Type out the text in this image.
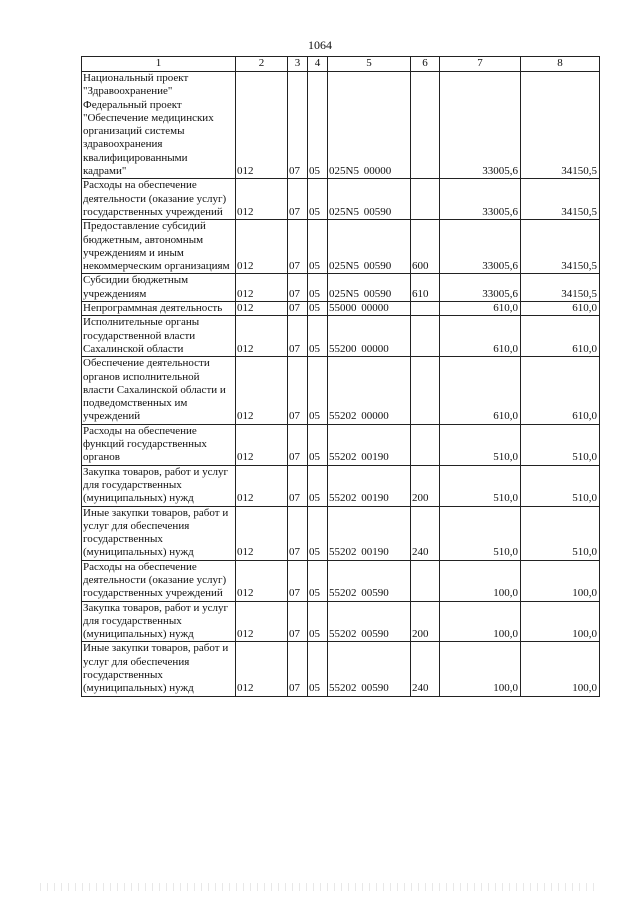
1064
1	2	3	4	5	6	7	8
Национальный проект "Здравоохранение" Федеральный проект "Обеспечение медицинских организаций системы здравоохранения квалифицированными кадрами"	012	07	05	025N5 00000		33005,6	34150,5
Расходы на обеспечение деятельности (оказание услуг) государственных учреждений	012	07	05	025N5 00590		33005,6	34150,5
Предоставление субсидий бюджетным, автономным учреждениям и иным некоммерческим организациям	012	07	05	025N5 00590	600	33005,6	34150,5
Субсидии бюджетным учреждениям	012	07	05	025N5 00590	610	33005,6	34150,5
Непрограммная деятельность	012	07	05	55000 00000		610,0	610,0
Исполнительные органы государственной власти Сахалинской области	012	07	05	55200 00000		610,0	610,0
Обеспечение деятельности органов исполнительной власти Сахалинской области и подведомственных им учреждений	012	07	05	55202 00000		610,0	610,0
Расходы на обеспечение функций государственных органов	012	07	05	55202 00190		510,0	510,0
Закупка товаров, работ и услуг для государственных (муниципальных) нужд	012	07	05	55202 00190	200	510,0	510,0
Иные закупки товаров, работ и услуг для обеспечения государственных (муниципальных) нужд	012	07	05	55202 00190	240	510,0	510,0
Расходы на обеспечение деятельности (оказание услуг) государственных учреждений	012	07	05	55202 00590		100,0	100,0
Закупка товаров, работ и услуг для государственных (муниципальных) нужд	012	07	05	55202 00590	200	100,0	100,0
Иные закупки товаров, работ и услуг для обеспечения государственных (муниципальных) нужд	012	07	05	55202 00590	240	100,0	100,0
